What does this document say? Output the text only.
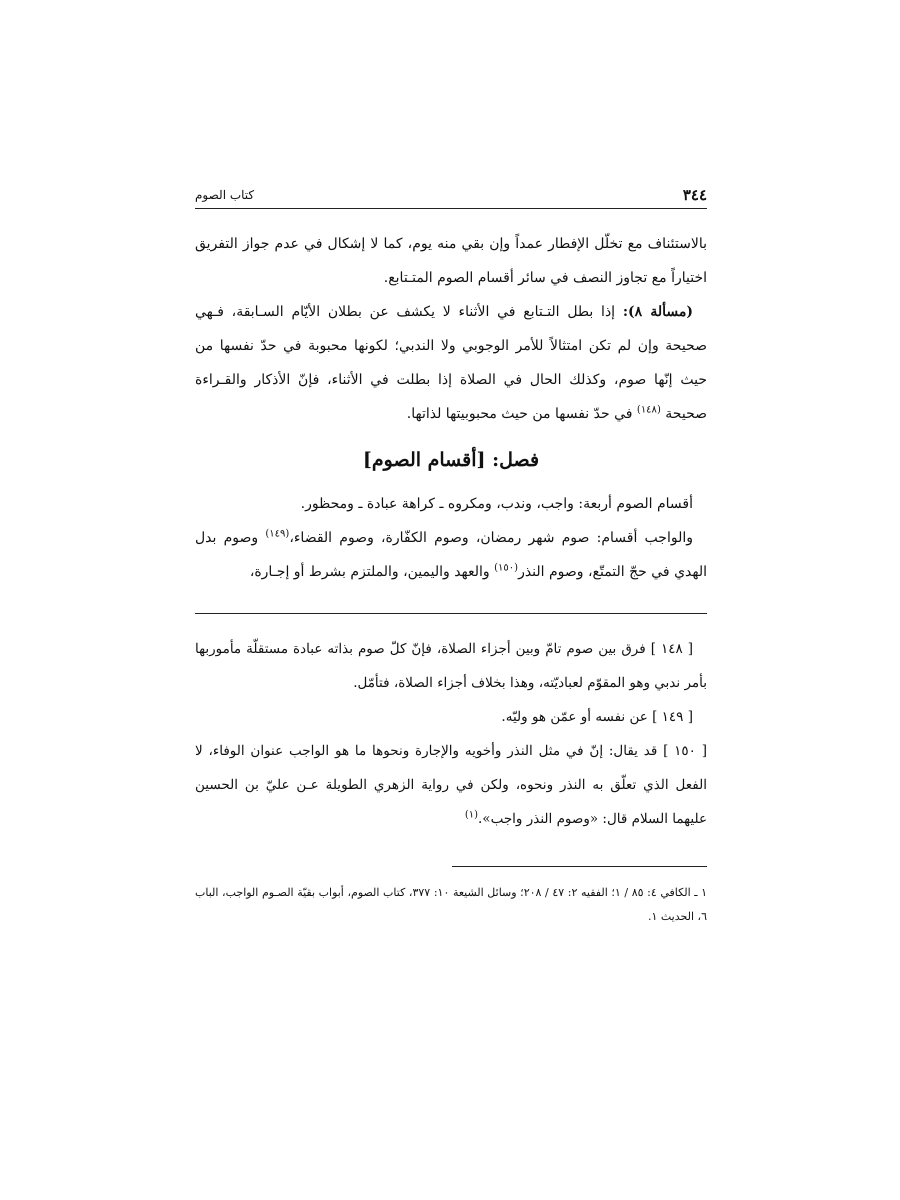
٣٤٤
كتاب الصوم

بالاستئناف مع تخلّل الإفطار عمداً وإن بقي منه يوم، كما لا إشكال في عدم جواز التفريق اختياراً مع تجاوز النصف في سائر أقسام الصوم المتـتابع.

(مسألة ٨): إذا بطل التـتابع في الأثناء لا يكشف عن بطلان الأيّام السـابقة، فـهي صحيحة وإن لم تكن امتثالاً للأمر الوجوبي ولا الندبي؛ لكونها محبوبة في حدّ نفسها من حيث إنّها صوم، وكذلك الحال في الصلاة إذا بطلت في الأثناء، فإنّ الأذكار والقـراءة صحيحة $^{(١٤٨)}$ في حدّ نفسها من حيث محبوبيتها لذاتها.

فصل: [أقسام الصوم]

أقسام الصوم أربعة: واجب، وندب، ومكروه ـ كراهة عبادة ـ ومحظور.

والواجب أقسام: صوم شهر رمضان، وصوم الكفّارة، وصوم القضاء،$^{(١٤٩)}$ وصوم بدل الهدي في حجّ التمتّع، وصوم النذر$^{(١٥٠)}$ والعهد واليمين، والملتزم بشرط أو إجـارة،

[ ١٤٨ ] فرق بين صوم تامّ وبين أجزاء الصلاة، فإنّ كلّ صوم بذاته عبادة مستقلّة مأموربها بأمر ندبي وهو المقوّم لعباديّته، وهذا بخلاف أجزاء الصلاة، فتأمّل.

[ ١٤٩ ] عن نفسه أو عمّن هو وليّه.

[ ١٥٠ ] قد يقال: إنّ في مثل النذر وأخويه والإجارة ونحوها ما هو الواجب عنوان الوفاء، لا الفعل الذي تعلّق به النذر ونحوه، ولكن في رواية الزهري الطويلة عـن عليّ بن الحسين عليهما السلام قال: «وصوم النذر واجب».$^{(١)}$

١ ـ الكافي ٤: ٨٥ / ١؛ الفقيه ٢: ٤٧ / ٢٠٨؛ وسائل الشيعة ١٠: ٣٧٧، كتاب الصوم، أبواب بقيّة الصـوم الواجب، الباب ٦، الحديث ١.
